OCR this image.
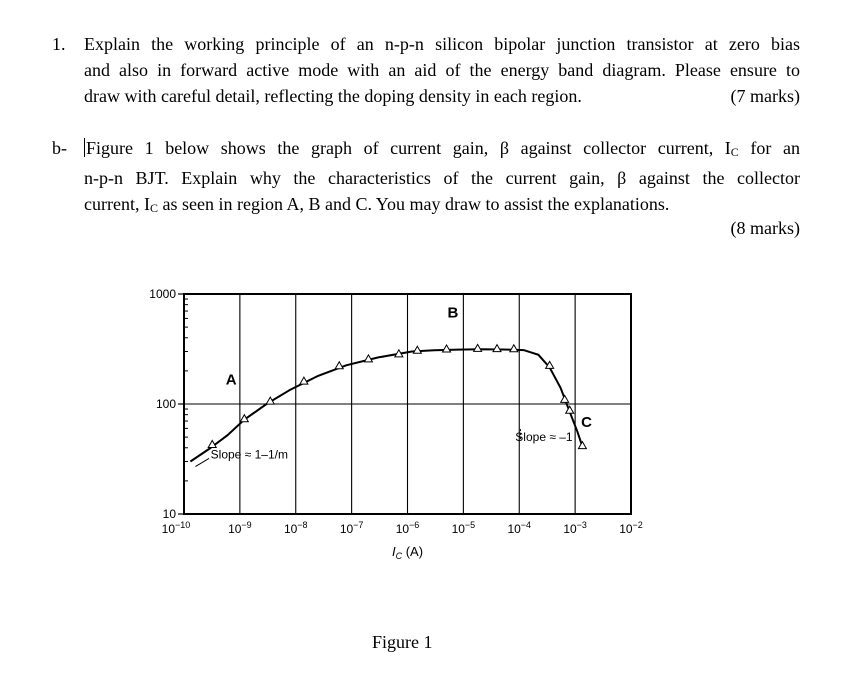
1. Explain the working principle of an n-p-n silicon bipolar junction transistor at zero bias
and also in forward active mode with an aid of the energy band diagram. Please ensure to
draw with careful detail, reflecting the doping density in each region.	(7 marks)
b- Figure 1 below shows the graph of current gain, β against collector current, $I_C$ for an
n-p-n BJT. Explain why the characteristics of the current gain, β against the collector
current, $I_C$ as seen in region A, B and C. You may draw to assist the explanations.
(8 marks)
10
100
1000
$10^{-10}$	$10^{-9}$	$10^{-8}$	$10^{-7}$	$10^{-6}$	$10^{-5}$	$10^{-4}$	$10^{-3}$	$10^{-2}$
$I_C$ (A)
A
B
C
Slope ≈ 1–1/m
Slope ≈ –1
Figure 1
